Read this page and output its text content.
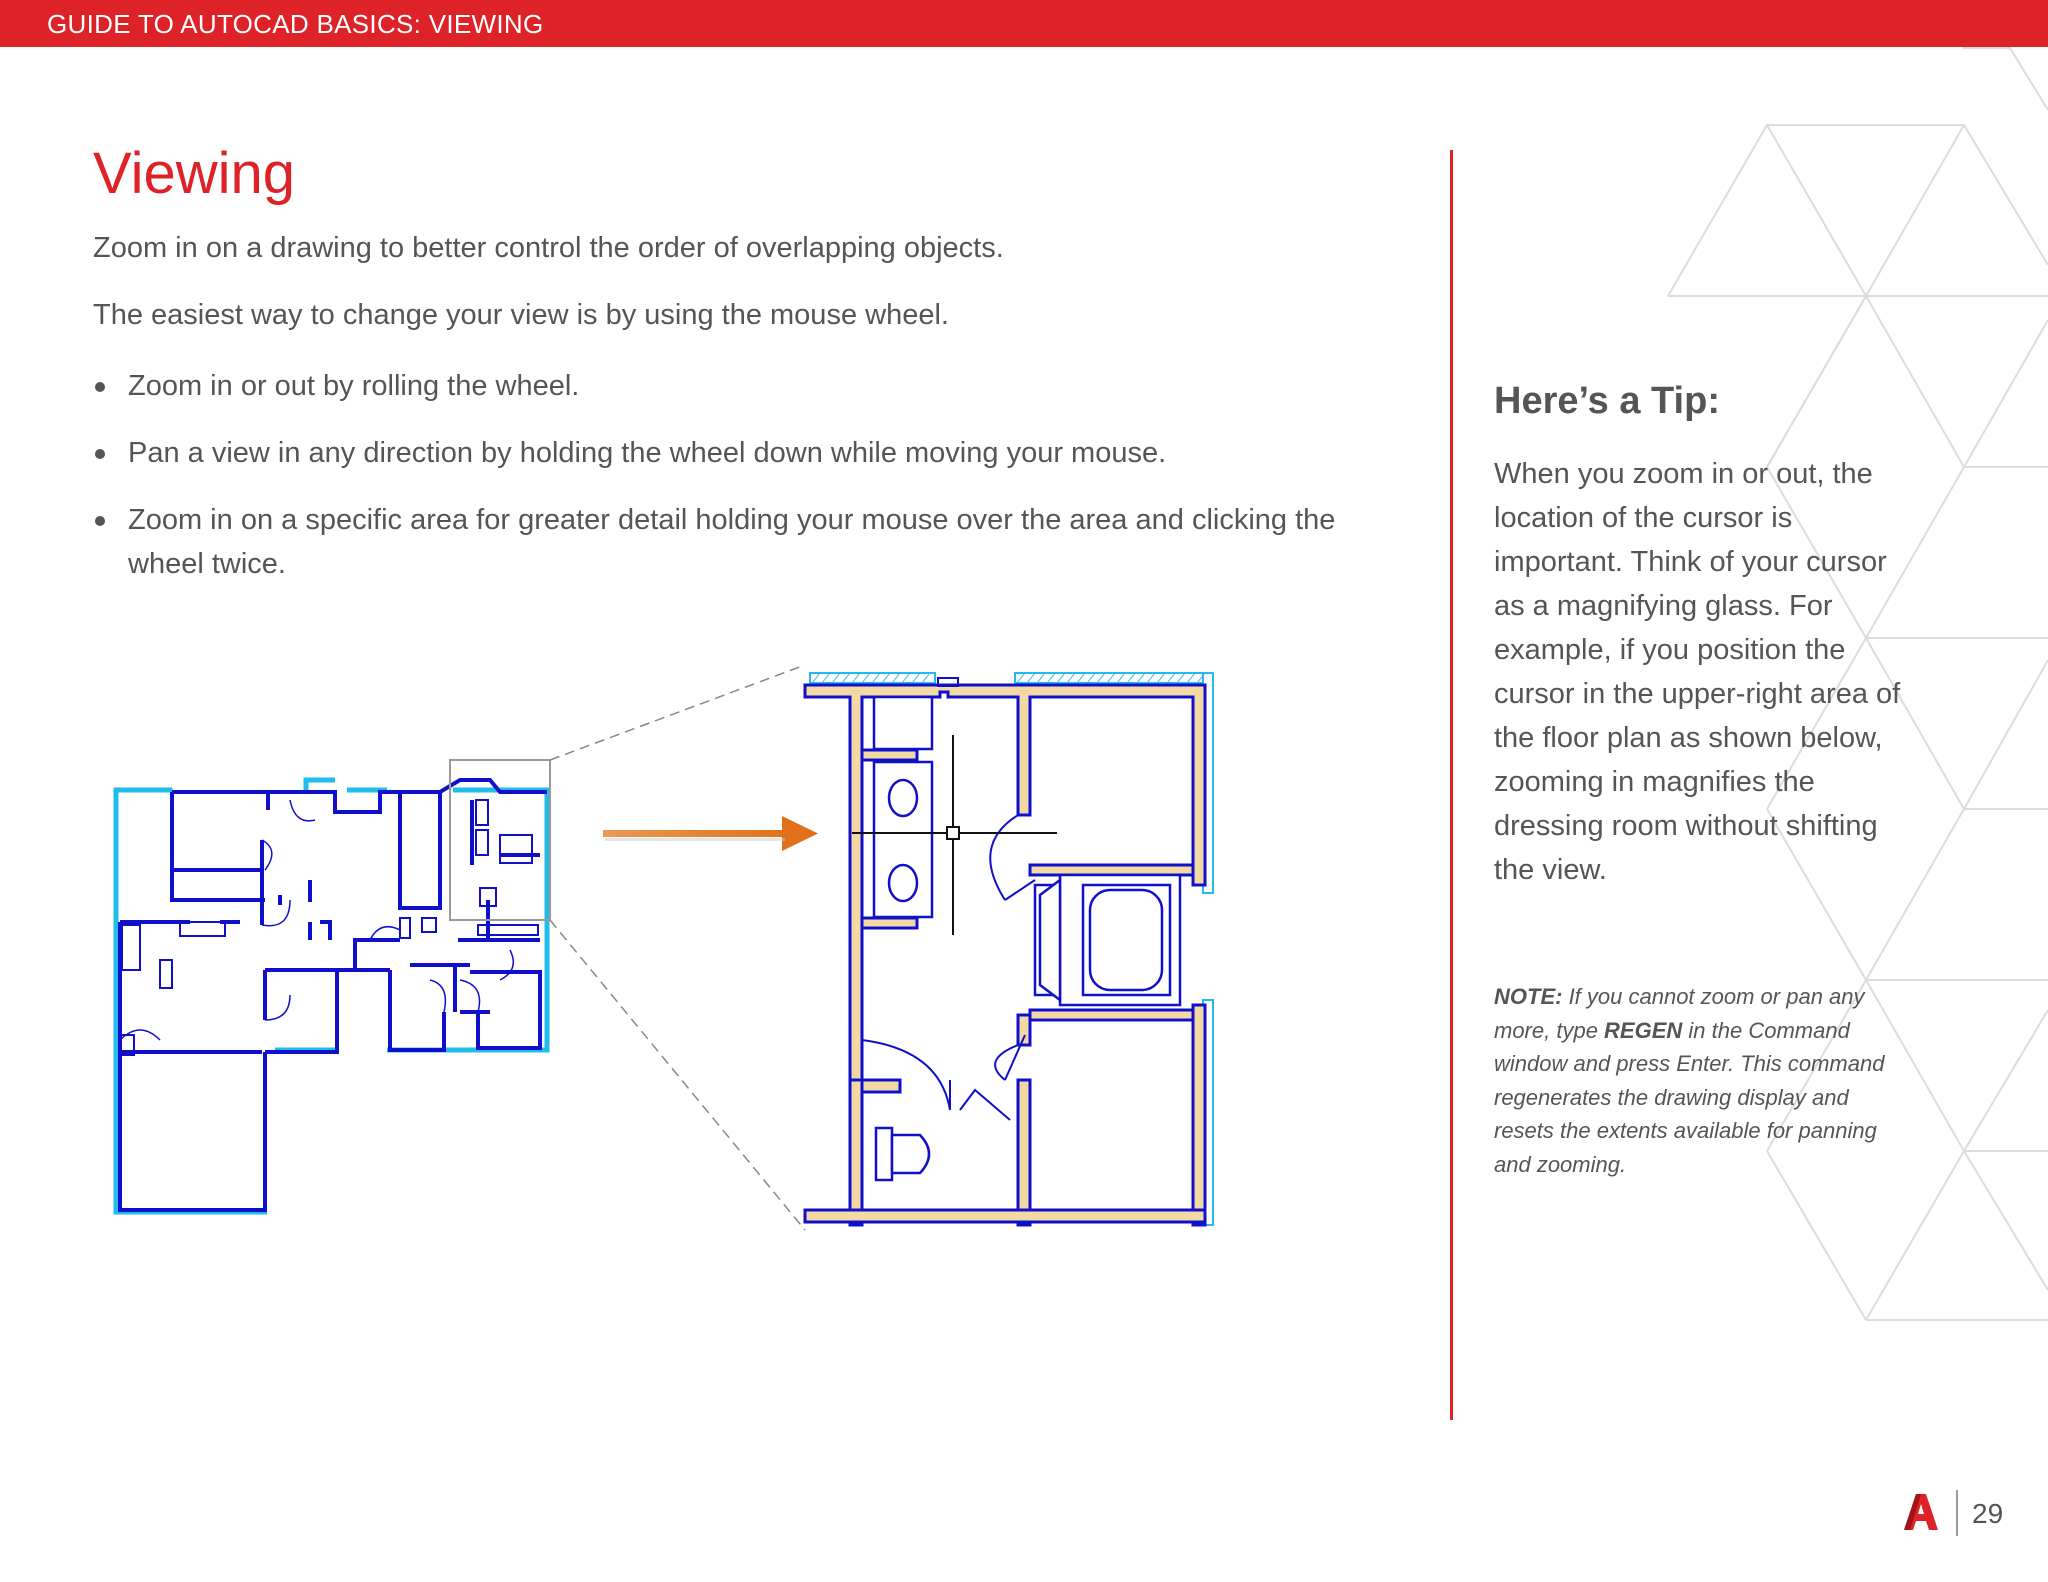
GUIDE TO AUTOCAD BASICS: VIEWING
Viewing

Zoom in on a drawing to better control the order of overlapping objects.

The easiest way to change your view is by using the mouse wheel.

Zoom in or out by rolling the wheel.
Pan a view in any direction by holding the wheel down while moving your mouse.
Zoom in on a specific area for greater detail holding your mouse over the area and clicking the wheel twice.
Here’s a Tip:

When you zoom in or out, the location of the cursor is important. Think of your cursor as a magnifying glass. For example, if you position the cursor in the upper-right area of the floor plan as shown below, zooming in magnifies the dressing room without shifting the view.

NOTE: If you cannot zoom or pan any more, type REGEN in the Command window and press Enter. This command regenerates the drawing display and resets the extents available for panning and zooming.

29
